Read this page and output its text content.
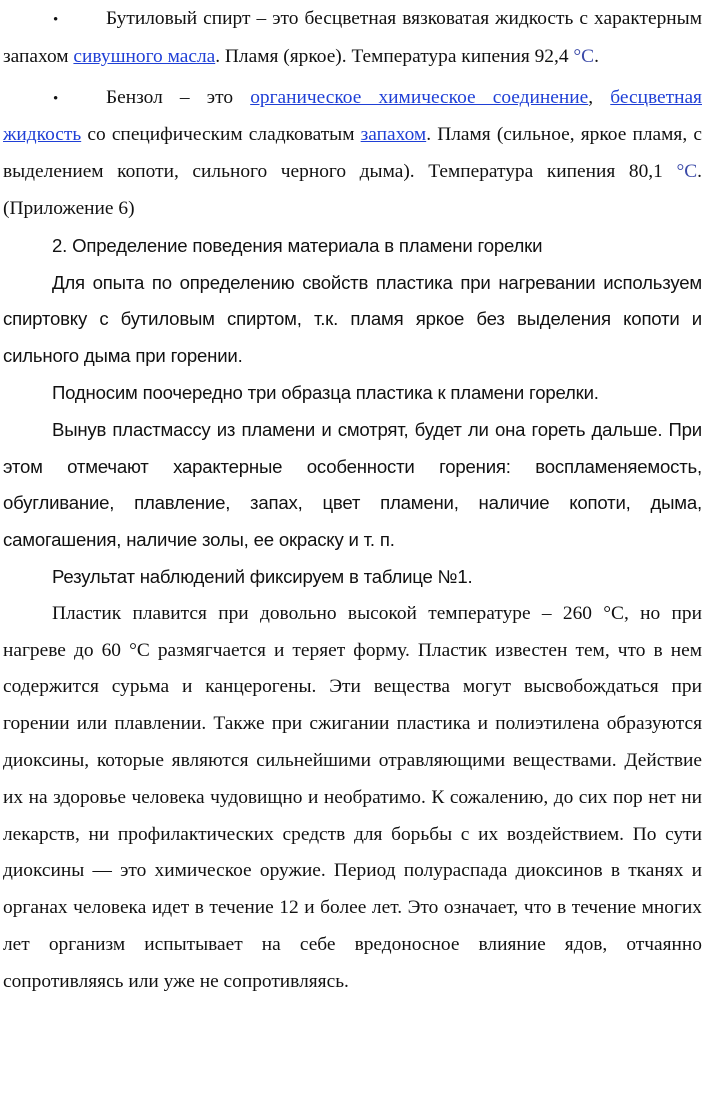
• Бутиловый спирт – это бесцветная вязковатая жидкость с характерным запахом сивушного масла. Пламя (яркое). Температура кипения 92,4 °C.

• Бензол – это органическое химическое соединение, бесцветная жидкость со специфическим сладковатым запахом. Пламя (сильное, яркое пламя, с выделением копоти, сильного черного дыма). Температура кипения 80,1 °C. (Приложение 6)

2. Определение поведения материала в пламени горелки

Для опыта по определению свойств пластика при нагревании используем спиртовку с бутиловым спиртом, т.к. пламя яркое без выделения копоти и сильного дыма при горении.

Подносим поочередно три образца пластика к пламени горелки.

Вынув пластмассу из пламени и смотрят, будет ли она гореть дальше. При этом отмечают характерные особенности горения: воспламеняемость, обугливание, плавление, запах, цвет пламени, наличие копоти, дыма, самогашения, наличие золы, ее окраску и т. п.

Результат наблюдений фиксируем в таблице №1.

Пластик плавится при довольно высокой температуре – 260 °C, но при нагреве до 60 °C размягчается и теряет форму. Пластик известен тем, что в нем содержится сурьма и канцерогены. Эти вещества могут высвобождаться при горении или плавлении. Также при сжигании пластика и полиэтилена образуются диоксины, которые являются сильнейшими отравляющими веществами. Действие их на здоровье человека чудовищно и необратимо. К сожалению, до сих пор нет ни лекарств, ни профилактических средств для борьбы с их воздействием. По сути диоксины — это химическое оружие. Период полураспада диоксинов в тканях и органах человека идет в течение 12 и более лет. Это означает, что в течение многих лет организм испытывает на себе вредоносное влияние ядов, отчаянно сопротивляясь или уже не сопротивляясь.
